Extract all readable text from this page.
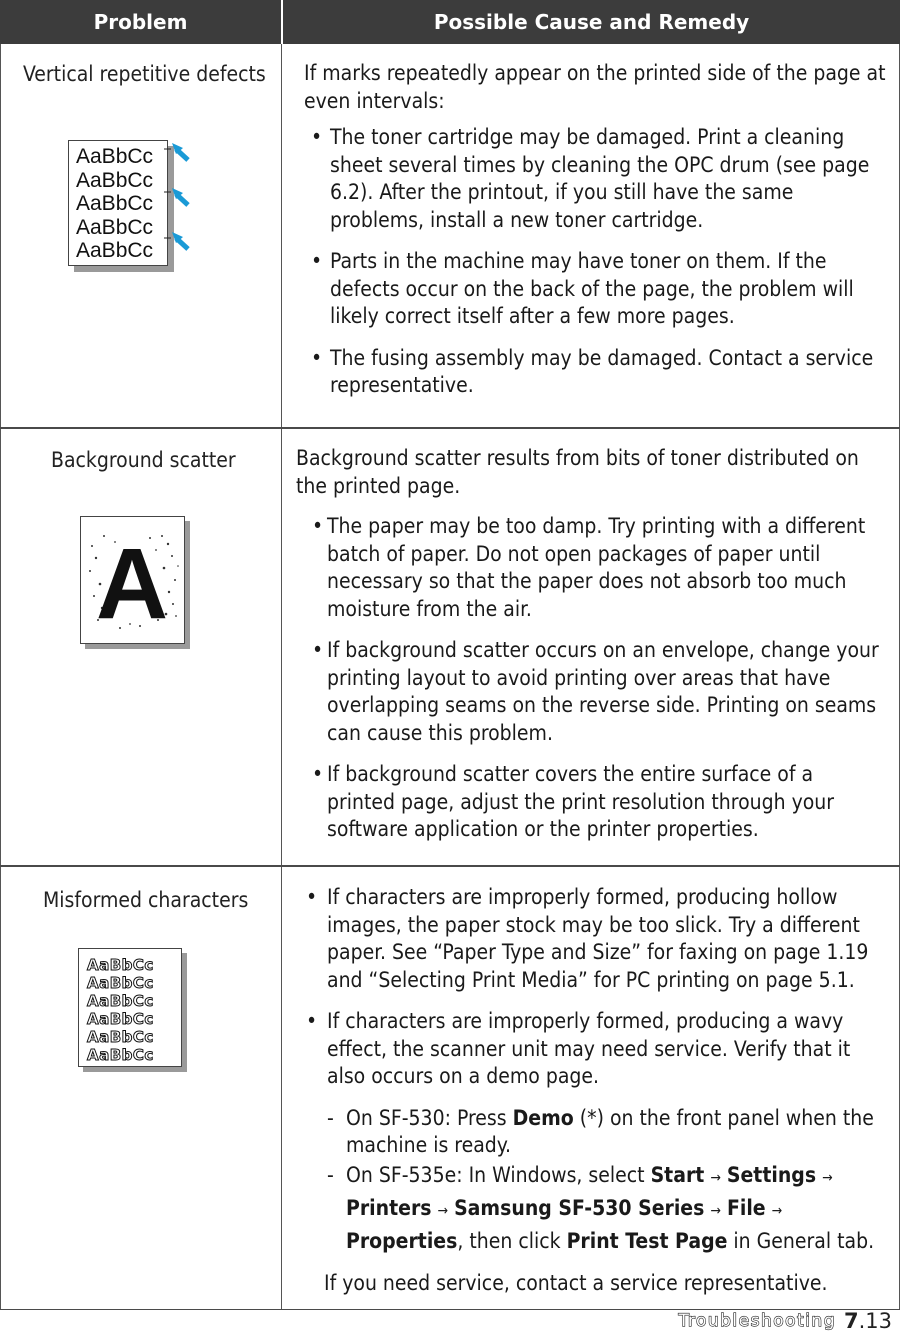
Problem	Possible Cause and Remedy
Vertical repetitive defects
AaBbCc
AaBbCc
AaBbCc
AaBbCc
AaBbCc

If marks repeatedly appear on the printed side of the page at even intervals:

• The toner cartridge may be damaged. Print a cleaning sheet several times by cleaning the OPC drum (see page 6.2). After the printout, if you still have the same problems, install a new toner cartridge.
• Parts in the machine may have toner on them. If the defects occur on the back of the page, the problem will likely correct itself after a few more pages.
• The fusing assembly may be damaged. Contact a service representative.
Background scatter
A

Background scatter results from bits of toner distributed on the printed page.

• The paper may be too damp. Try printing with a different batch of paper. Do not open packages of paper until necessary so that the paper does not absorb too much moisture from the air.
• If background scatter occurs on an envelope, change your printing layout to avoid printing over areas that have overlapping seams on the reverse side. Printing on seams can cause this problem.
• If background scatter covers the entire surface of a printed page, adjust the print resolution through your software application or the printer properties.
Misformed characters
AaBbCc
AaBbCc
AaBbCc
AaBbCc
AaBbCc
AaBbCc
• If characters are improperly formed, producing hollow images, the paper stock may be too slick. Try a different paper. See “Paper Type and Size” for faxing on page 1.19 and “Selecting Print Media” for PC printing on page 5.1.
• If characters are improperly formed, producing a wavy effect, the scanner unit may need service. Verify that it also occurs on a demo page.
- On SF-530: Press Demo (*) on the front panel when the machine is ready.
- On SF-535e: In Windows, select Start → Settings → Printers → Samsung SF-530 Series → File → Properties, then click Print Test Page in General tab.

If you need service, contact a service representative.

Troubleshooting 7.13
